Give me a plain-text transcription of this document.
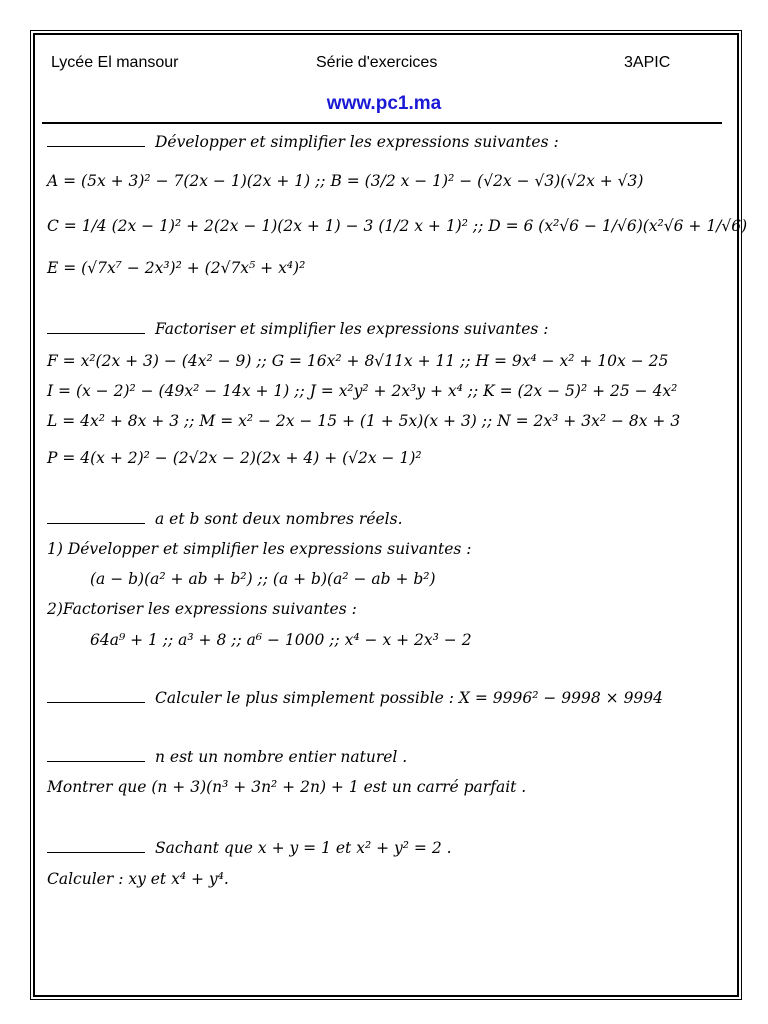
Lycée El mansour	Série d'exercices	3APIC
www.pc1.ma
Développer et simplifier les expressions suivantes :
A = (5x + 3)² − 7(2x − 1)(2x + 1) ;; B = (3/2 x − 1)² − (√2x − √3)(√2x + √3)
C = 1/4 (2x − 1)² + 2(2x − 1)(2x + 1) − 3 (1/2 x + 1)² ;; D = 6 (x²√6 − 1/√6)(x²√6 + 1/√6)
E = (√7x⁷ − 2x³)² + (2√7x⁵ + x⁴)²
Factoriser et simplifier les expressions suivantes :
F = x²(2x + 3) − (4x² − 9) ;; G = 16x² + 8√11x + 11 ;; H = 9x⁴ − x² + 10x − 25
I = (x − 2)² − (49x² − 14x + 1) ;; J = x²y² + 2x³y + x⁴ ;; K = (2x − 5)² + 25 − 4x²
L = 4x² + 8x + 3 ;; M = x² − 2x − 15 + (1 + 5x)(x + 3) ;; N = 2x³ + 3x² − 8x + 3
P = 4(x + 2)² − (2√2x − 2)(2x + 4) + (√2x − 1)²
a et b sont deux nombres réels.
1) Développer et simplifier les expressions suivantes :
(a − b)(a² + ab + b²) ;; (a + b)(a² − ab + b²)
2)Factoriser les expressions suivantes :
64a⁹ + 1 ;; a³ + 8 ;; a⁶ − 1000 ;; x⁴ − x + 2x³ − 2
Calculer le plus simplement possible : X = 9996² − 9998 × 9994
n est un nombre entier naturel .
Montrer que (n + 3)(n³ + 3n² + 2n) + 1 est un carré parfait .
Sachant que x + y = 1 et x² + y² = 2 .
Calculer : xy et x⁴ + y⁴.
